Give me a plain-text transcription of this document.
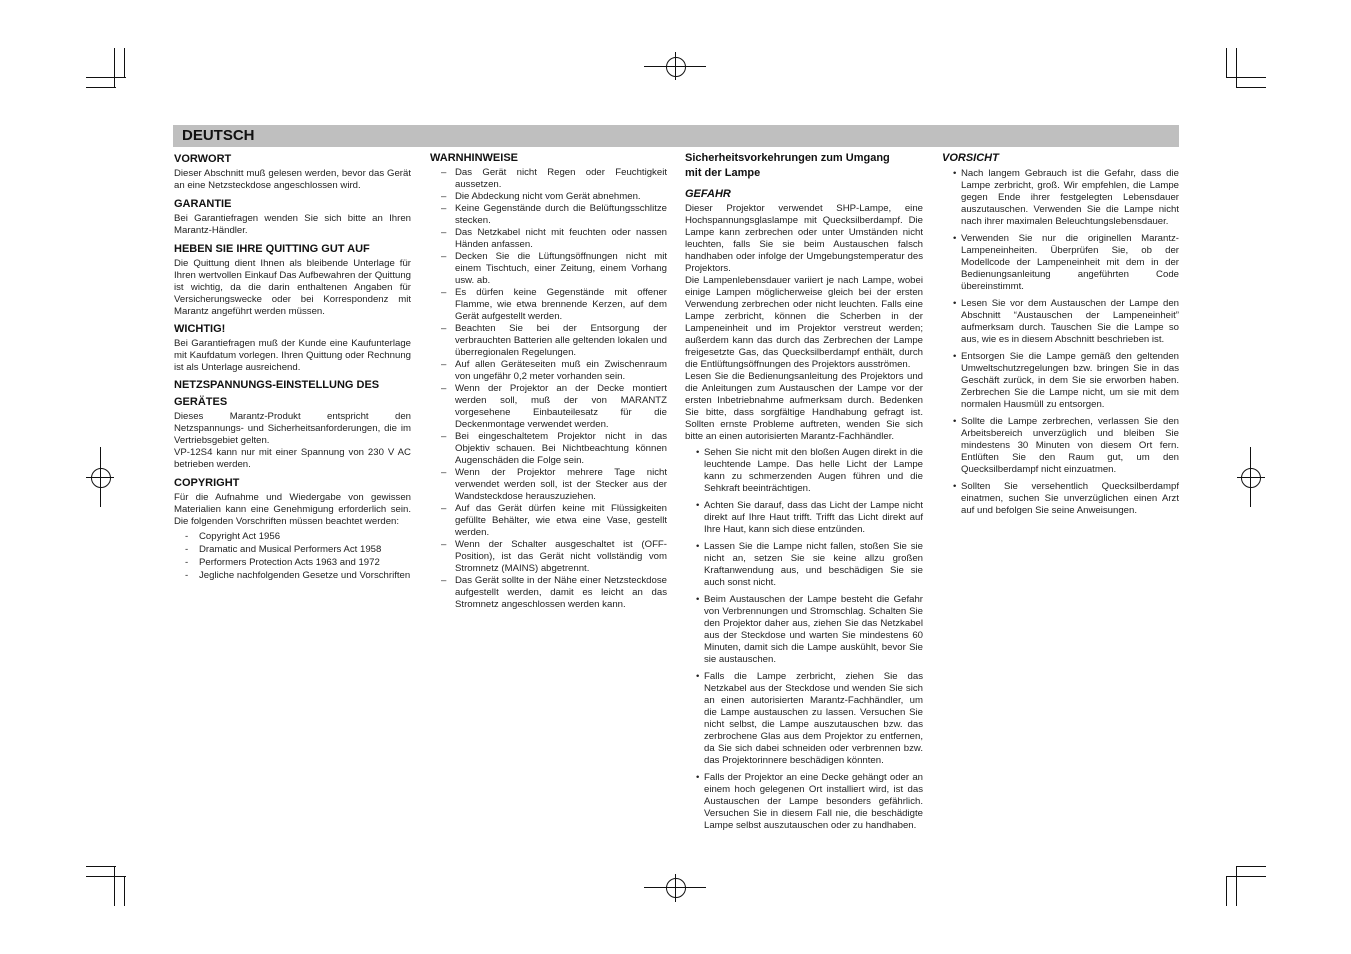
DEUTSCH
VORWORT

Dieser Abschnitt muß gelesen werden, bevor das Gerät an eine Netzsteckdose angeschlossen wird.

GARANTIE

Bei Garantiefragen wenden Sie sich bitte an Ihren Marantz-Händler.

HEBEN SIE IHRE QUITTING GUT AUF

Die Quittung dient Ihnen als bleibende Unterlage für Ihren wertvollen Einkauf Das Aufbewahren der Quittung ist wichtig, da die darin enthaltenen Angaben für Versicherungswecke oder bei Korrespondenz mit Marantz angeführt werden müssen.

WICHTIG!

Bei Garantiefragen muß der Kunde eine Kaufunterlage mit Kaufdatum vorlegen. Ihren Quittung oder Rechnung ist als Unterlage ausreichend.

NETZSPANNUNGS-EINSTELLUNG DES
GERÄTES

Dieses Marantz-Produkt entspricht den Netzspannungs- und Sicherheitsanforderungen, die im Vertriebsgebiet gelten.

VP-12S4 kann nur mit einer Spannung von 230 V AC betrieben werden.

COPYRIGHT

Für die Aufnahme und Wiedergabe von gewissen Materialien kann eine Genehmigung erforderlich sein. Die folgenden Vorschriften müssen beachtet werden:

- Copyright Act 1956
- Dramatic and Musical Performers Act 1958
- Performers Protection Acts 1963 and 1972
- Jegliche nachfolgenden Gesetze und Vorschriften
WARNHINWEISE
– Das Gerät nicht Regen oder Feuchtigkeit aussetzen.
– Die Abdeckung nicht vom Gerät abnehmen.
– Keine Gegenstände durch die Belüftungsschlitze stecken.
– Das Netzkabel nicht mit feuchten oder nassen Händen anfassen.
– Decken Sie die Lüftungsöffnungen nicht mit einem Tischtuch, einer Zeitung, einem Vorhang usw. ab.
– Es dürfen keine Gegenstände mit offener Flamme, wie etwa brennende Kerzen, auf dem Gerät aufgestellt werden.
– Beachten Sie bei der Entsorgung der verbrauchten Batterien alle geltenden lokalen und überregionalen Regelungen.
– Auf allen Geräteseiten muß ein Zwischenraum von ungefähr 0,2 meter vorhanden sein.
– Wenn der Projektor an der Decke montiert werden soll, muß der von MARANTZ vorgesehene Einbauteilesatz für die Deckenmontage verwendet werden.
– Bei eingeschaltetem Projektor nicht in das Objektiv schauen. Bei Nichtbeachtung können Augenschäden die Folge sein.
– Wenn der Projektor mehrere Tage nicht verwendet werden soll, ist der Stecker aus der Wandsteckdose herauszuziehen.
– Auf das Gerät dürfen keine mit Flüssigkeiten gefüllte Behälter, wie etwa eine Vase, gestellt werden.
– Wenn der Schalter ausgeschaltet ist (OFF-Position), ist das Gerät nicht vollständig vom Stromnetz (MAINS) abgetrennt.
– Das Gerät sollte in der Nähe einer Netzsteckdose aufgestellt werden, damit es leicht an das Stromnetz angeschlossen werden kann.
Sicherheitsvorkehrungen zum Umgang
mit der Lampe
GEFAHR

Dieser Projektor verwendet SHP-Lampe, eine Hochspannungsglaslampe mit Quecksilberdampf. Die Lampe kann zerbrechen oder unter Umständen nicht leuchten, falls Sie sie beim Austauschen falsch handhaben oder infolge der Umgebungstemperatur des Projektors.

Die Lampenlebensdauer variiert je nach Lampe, wobei einige Lampen möglicherweise gleich bei der ersten Verwendung zerbrechen oder nicht leuchten. Falls eine Lampe zerbricht, können die Scherben in der Lampeneinheit und im Projektor verstreut werden; außerdem kann das durch das Zerbrechen der Lampe freigesetzte Gas, das Quecksilberdampf enthält, durch die Entlüftungsöffnungen des Projektors ausströmen.

Lesen Sie die Bedienungsanleitung des Projektors und die Anleitungen zum Austauschen der Lampe vor der ersten Inbetriebnahme aufmerksam durch. Bedenken Sie bitte, dass sorgfältige Handhabung gefragt ist. Sollten ernste Probleme auftreten, wenden Sie sich bitte an einen autorisierten Marantz-Fachhändler.

• Sehen Sie nicht mit den bloßen Augen direkt in die leuchtende Lampe. Das helle Licht der Lampe kann zu schmerzenden Augen führen und die Sehkraft beeinträchtigen.
• Achten Sie darauf, dass das Licht der Lampe nicht direkt auf Ihre Haut trifft. Trifft das Licht direkt auf Ihre Haut, kann sich diese entzünden.
• Lassen Sie die Lampe nicht fallen, stoßen Sie sie nicht an, setzen Sie sie keine allzu großen Kraftanwendung aus, und beschädigen Sie sie auch sonst nicht.
• Beim Austauschen der Lampe besteht die Gefahr von Verbrennungen und Stromschlag. Schalten Sie den Projektor daher aus, ziehen Sie das Netzkabel aus der Steckdose und warten Sie mindestens 60 Minuten, damit sich die Lampe auskühlt, bevor Sie sie austauschen.
• Falls die Lampe zerbricht, ziehen Sie das Netzkabel aus der Steckdose und wenden Sie sich an einen autorisierten Marantz-Fachhändler, um die Lampe austauschen zu lassen. Versuchen Sie nicht selbst, die Lampe auszutauschen bzw. das zerbrochene Glas aus dem Projektor zu entfernen, da Sie sich dabei schneiden oder verbrennen bzw. das Projektorinnere beschädigen könnten.
• Falls der Projektor an eine Decke gehängt oder an einem hoch gelegenen Ort installiert wird, ist das Austauschen der Lampe besonders gefährlich. Versuchen Sie in diesem Fall nie, die beschädigte Lampe selbst auszutauschen oder zu handhaben.
VORSICHT
• Nach langem Gebrauch ist die Gefahr, dass die Lampe zerbricht, groß. Wir empfehlen, die Lampe gegen Ende ihrer festgelegten Lebensdauer auszutauschen. Verwenden Sie die Lampe nicht nach ihrer maximalen Beleuchtungslebensdauer.
• Verwenden Sie nur die originellen Marantz-Lampeneinheiten. Überprüfen Sie, ob der Modellcode der Lampeneinheit mit dem in der Bedienungsanleitung angeführten Code übereinstimmt.
• Lesen Sie vor dem Austauschen der Lampe den Abschnitt “Austauschen der Lampeneinheit” aufmerksam durch. Tauschen Sie die Lampe so aus, wie es in diesem Abschnitt beschrieben ist.
• Entsorgen Sie die Lampe gemäß den geltenden Umweltschutzregelungen bzw. bringen Sie in das Geschäft zurück, in dem Sie sie erworben haben. Zerbrechen Sie die Lampe nicht, um sie mit dem normalen Hausmüll zu entsorgen.
• Sollte die Lampe zerbrechen, verlassen Sie den Arbeitsbereich unverzüglich und bleiben Sie mindestens 30 Minuten von diesem Ort fern. Entlüften Sie den Raum gut, um den Quecksilberdampf nicht einzuatmen.
• Sollten Sie versehentlich Quecksilberdampf einatmen, suchen Sie unverzüglichen einen Arzt auf und befolgen Sie seine Anweisungen.
